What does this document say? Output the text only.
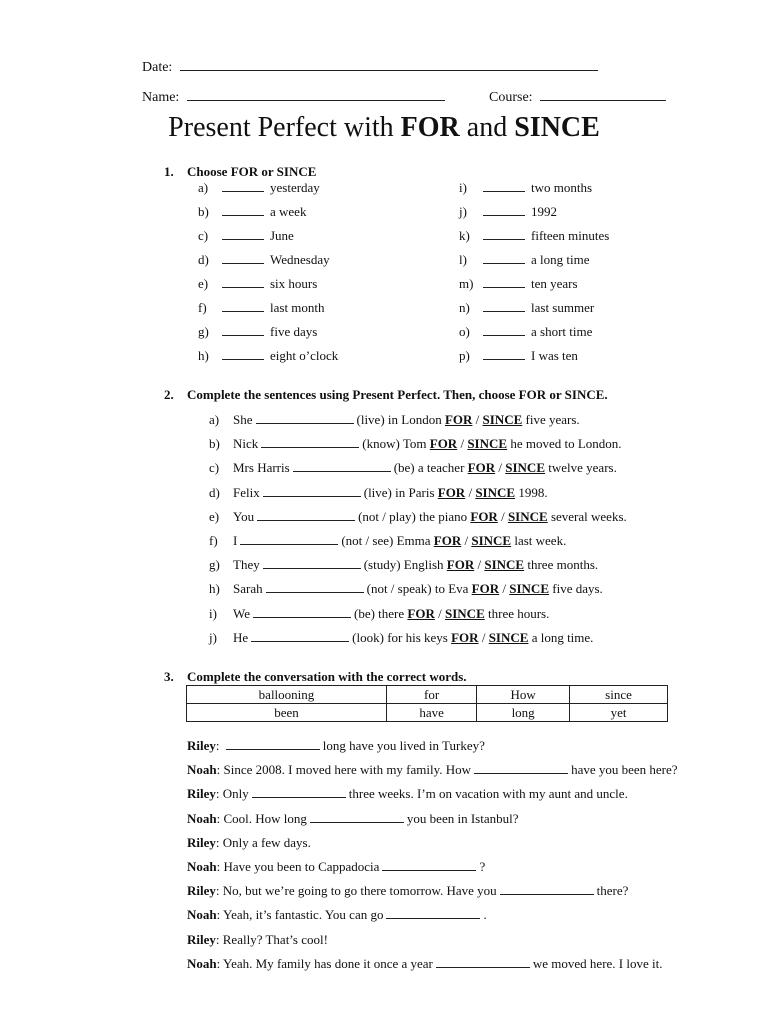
Date:
Name:	Course:
Present Perfect with FOR and SINCE
1. Choose FOR or SINCE
a)	yesterday
b)	a week
c)	June
d)	Wednesday
e)	six hours
f)	last month
g)	five days
h)	eight o’clock
i)	two months
j)	1992
k)	fifteen minutes
l)	a long time
m)	ten years
n)	last summer
o)	a short time
p)	I was ten
2. Complete the sentences using Present Perfect. Then, choose FOR or SINCE.
a) She	(live) in London FOR / SINCE five years.
b) Nick	(know) Tom FOR / SINCE he moved to London.
c) Mrs Harris	(be) a teacher FOR / SINCE twelve years.
d) Felix	(live) in Paris FOR / SINCE 1998.
e) You	(not / play) the piano FOR / SINCE several weeks.
f) I	(not / see) Emma FOR / SINCE last week.
g) They	(study) English FOR / SINCE three months.
h) Sarah	(not / speak) to Eva FOR / SINCE five days.
i) We	(be) there FOR / SINCE three hours.
j) He	(look) for his keys FOR / SINCE a long time.
3. Complete the conversation with the correct words.
ballooning	for	How	since
been	have	long	yet
Riley:	long have you lived in Turkey?
Noah: Since 2008. I moved here with my family. How	have you been here?
Riley: Only	three weeks. I’m on vacation with my aunt and uncle.
Noah: Cool. How long	you been in Istanbul?
Riley: Only a few days.
Noah: Have you been to Cappadocia	?
Riley: No, but we’re going to go there tomorrow. Have you	there?
Noah: Yeah, it’s fantastic. You can go	.
Riley: Really? That’s cool!
Noah: Yeah. My family has done it once a year	we moved here. I love it.
